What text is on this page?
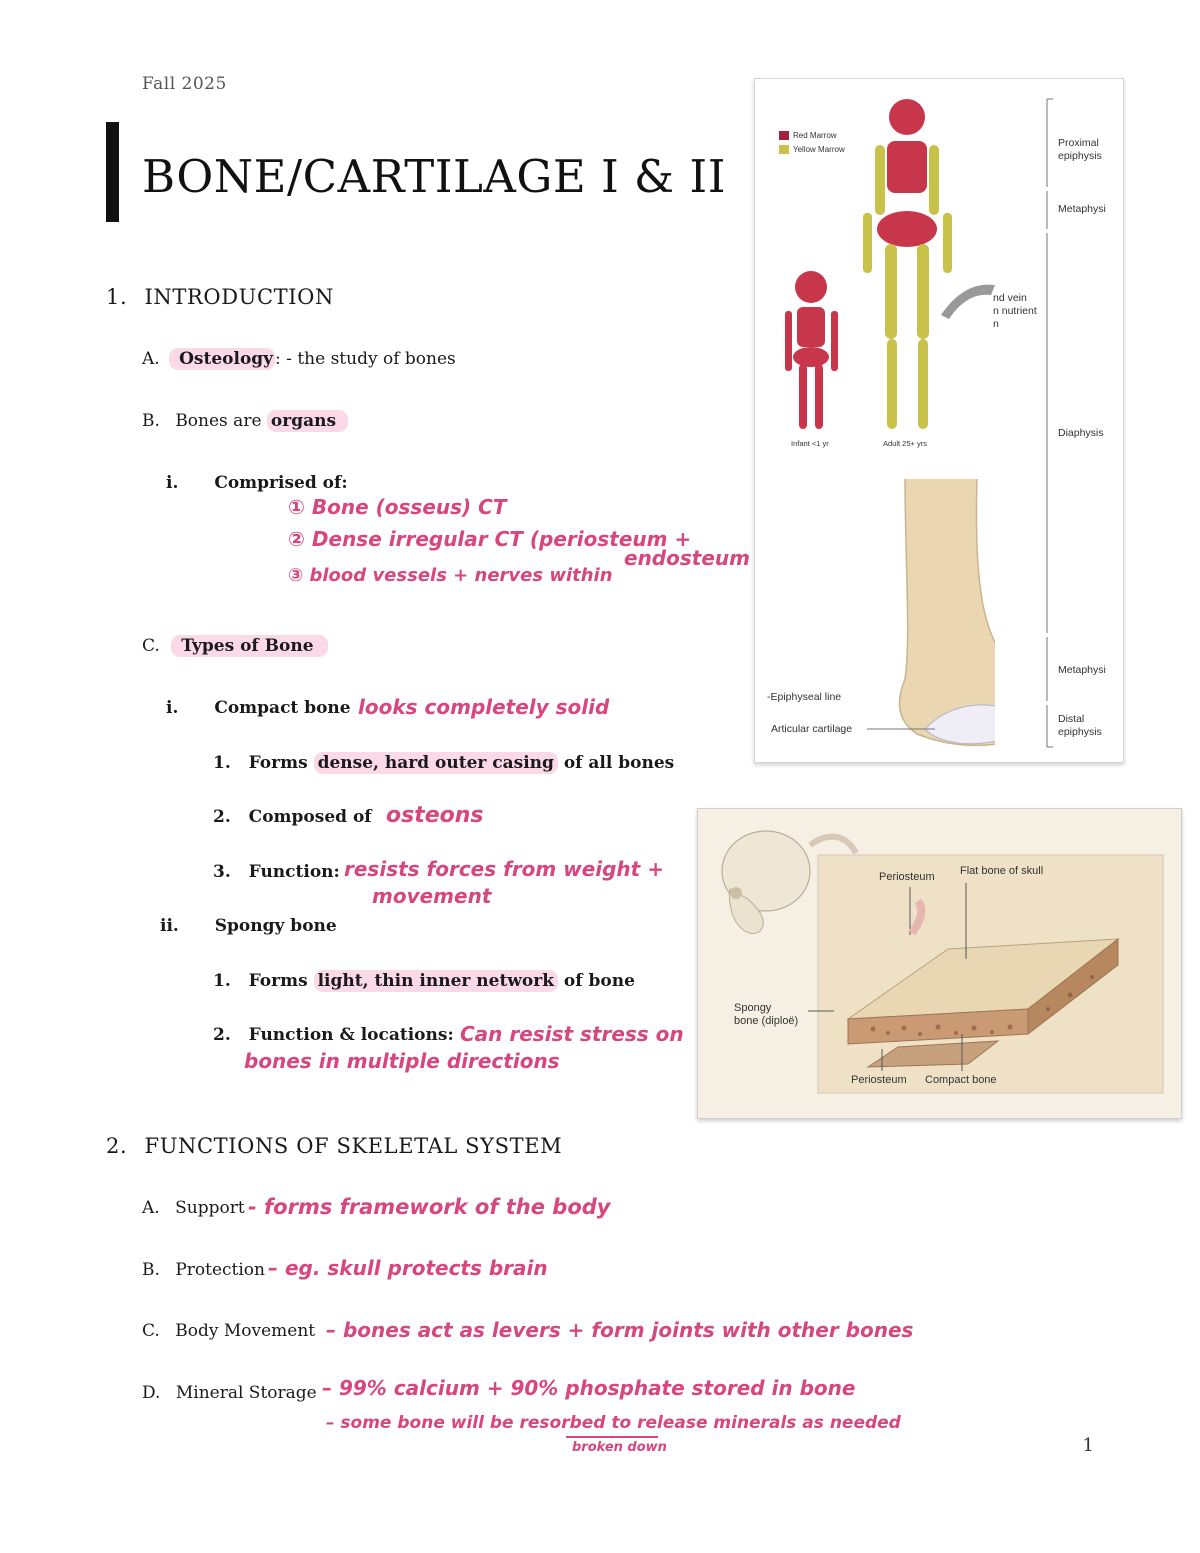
Fall 2025
BONE/CARTILAGE I & II
1. INTRODUCTION
A. Osteology : - the study of bones
B. Bones are organs
i. Comprised of:
① Bone (osseus) CT
② Dense irregular CT (periosteum +
endosteum
③ blood vessels + nerves within
C. Types of Bone
i. Compact bone looks completely solid
1. Forms dense, hard outer casing of all bones
2. Composed of osteons
3. Function: resists forces from weight +
movement
ii. Spongy bone
1. Forms light, thin inner network of bone
2. Function & locations: Can resist stress on
bones in multiple directions
2. FUNCTIONS OF SKELETAL SYSTEM
A. Support - forms framework of the body
B. Protection – eg. skull protects brain
C. Body Movement – bones act as levers + form joints with other bones
D. Mineral Storage – 99% calcium + 90% phosphate stored in bone
– some bone will be resorbed to release minerals as needed
broken down	1
Red Marrow
Yellow Marrow
Infant <1 yr	Adult 25+ yrs
Proximal
epiphysis
Metaphysi
Diaphysis
Metaphysi
Distal
epiphysis
nd vein
n nutrient
n
-Epiphyseal line
Articular cartilage
Periosteum Flat bone of skull
Spongy
bone (diploë)
Periosteum Compact bone
